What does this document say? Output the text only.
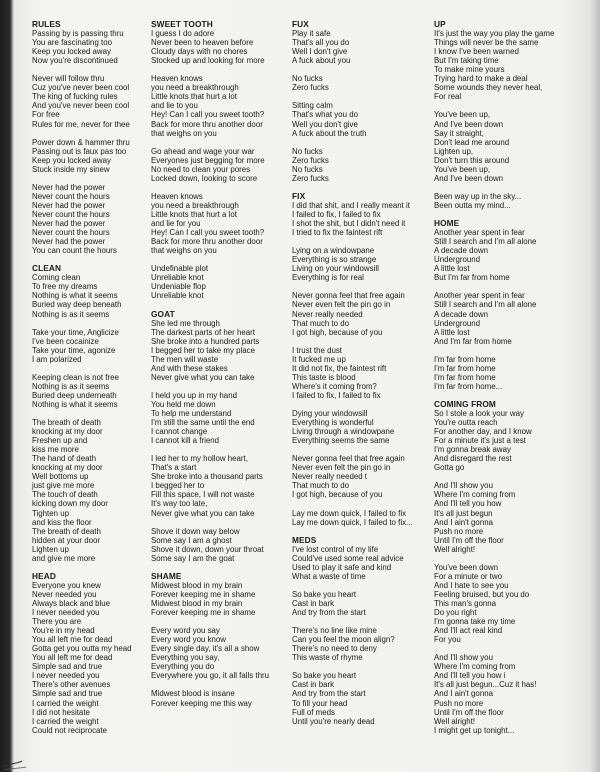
RULES
Passing by is passing thru
You are fascinating too
Keep you locked away
Now you're discontinued
Never will follow thru
Cuz you've never been cool
The king of fucking rules
And you've never been cool
For free
Rules for me, never for thee
Power down & hammer thru
Passing out is faux pas too
Keep you locked away
Stuck inside my sinew
Never had the power
Never count the hours
Never had the power
Never count the hours
Never had the power
Never count the hours
Never had the power
You can count the hours
CLEAN
Coming clean
To free my dreams
Nothing is what it seems
Buried way deep beneath
Nothing is as it seems
Take your time, Anglicize
I've been cocainize
Take your time, agonize
I am polarized
Keeping clean is not free
Nothing is as it seems
Buried deep underneath
Nothing is what it seems
The breath of death
knocking at my door
Freshen up and
kiss me more
The hand of death
knocking at my door
Well bottoms up
just give me more
The touch of death
kicking down my door
Tighten up
and kiss the floor
The breath of death
hidden at your door
Lighten up
and give me more
HEAD
Everyone you knew
Never needed you
Always black and blue
I never needed you
There you are
You're in my head
You all left me for dead
Gotta get you outta my head
You all left me for dead
Simple sad and true
I never needed you
There's other avenues
Simple sad and true
I carried the weight
I did not hesitate
I carried the weight
Could not reciprocate
SWEET TOOTH
I guess I do adore
Never been to heaven before
Cloudy days with no chores
Stocked up and looking for more
Heaven knows
you need a breakthrough
Little knots that hurt a lot
and lie to you
Hey! Can I call you sweet tooth?
Back for more thru another door
that weighs on you
Go ahead and wage your war
Everyones just begging for more
No need to clean your pores
Locked down, looking to score
Heaven knows
you need a breakthrough
Little knots that hurt a lot
and lie for you
Hey! Can I call you sweet tooth?
Back for more thru another door
that weighs on you
Undefinable plot
Unreliable knot
Undeniable flop
Unreliable knot
GOAT
She led me through
The darkest parts of her heart
She broke into a hundred parts
I begged her to take my place
The men will waste
And with these stakes
Never give what you can take
I held you up in my hand
You held me down
To help me understand
I'm still the same until the end
I cannot change
I cannot kill a friend
I led her to my hollow heart,
That's a start
She broke into a thousand parts
I begged her to
Fill this space, I will not waste
It's way too late,
Never give what you can take
Shove it down way below
Some say I am a ghost
Shove it down, down your throat
Some say I am the goat
SHAME
Midwest blood in my brain
Forever keeping me in shame
Midwest blood in my brain
Forever keeping me in shame
Every word you say
Every word you know
Every single day, it's all a show
Everything you say,
Everything you do
Everywhere you go, it all falls thru
Midwest blood is insane
Forever keeping me this way
FUX
Play it safe
That's all you do
Well I don't give
A fuck about you
No fucks
Zero fucks
Sitting calm
That's what you do
Well you don't give
A fuck about the truth
No fucks
Zero fucks
No fucks
Zero fucks
FIX
I did that shit, and I really meant it
I failed to fix, I failed to fix
I shot the shit, but I didn't need it
I tried to fix the faintest rift
Lying on a windowpane
Everything is so strange
Living on your windowsill
Everything is for real
Never gonna feel that free again
Never even felt the pin go in
Never really needed
That much to do
I got high, because of you
I trust the dust
It fucked me up
It did not fix, the faintest rift
This taste is blood
Where's it coming from?
I failed to fix, I failed to fix
Dying your windowsill
Everything is wonderful
Living through a windowpane
Everything seems the same
Never gonna feel that free again
Never even felt the pin go in
Never really needed t
That much to do
I got high, because of you
Lay me down quick, I failed to fix
Lay me down quick, I failed to fix...
MEDS
I've lost control of my life
Could've used some real advice
Used to play it safe and kind
What a waste of time
So bake you heart
Cast in bark
And try from the start
There's no line like mine
Can you feel the moon align?
There's no need to deny
This waste of rhyme
So bake you heart
Cast in bark
And try from the start
To fill your head
Full of meds
Until you're nearly dead
UP
It's just the way you play the game
Things will never be the same
I know I've been warned
But I'm taking time
To make mine yours
Trying hard to make a deal
Some wounds they never heal,
For real
You've been up,
And I've been down
Say it straight,
Don't lead me around
Lighten up,
Don't turn this around
You've been up,
And I've been down
Been way up in the sky...
Been outta my mind...
HOME
Another year spent in fear
Still I search and I'm all alone
A decade down
Underground
A little lost
But I'm far from home
Another year spent in fear
Still I search and I'm all alone
A decade down
Underground
A little lost
And I'm far from home
I'm far from home
I'm far from home
I'm far from home
I'm far from home...
COMING FROM
So I stole a look your way
You're outta reach
For another day, and I know
For a minute it's just a test
I'm gonna break away
And disregard the rest
Gotta go
And I'll show you
Where I'm coming from
And I'll tell you how
It's all just begun
And I ain't gonna
Push no more
Until I'm off the floor
Well alright!
You've been down
For a minute or two
And I hate to see you
Feeling bruised, but you do
This man's gonna
Do you right
I'm gonna take my time
And I'll act real kind
For you
And I'll show you
Where I'm coming from
And I'll tell you how i
It's all just begun...Cuz it has!
And I ain't gonna
Push no more
Until I'm off the floor
Well alright!
I might get up tonight...
